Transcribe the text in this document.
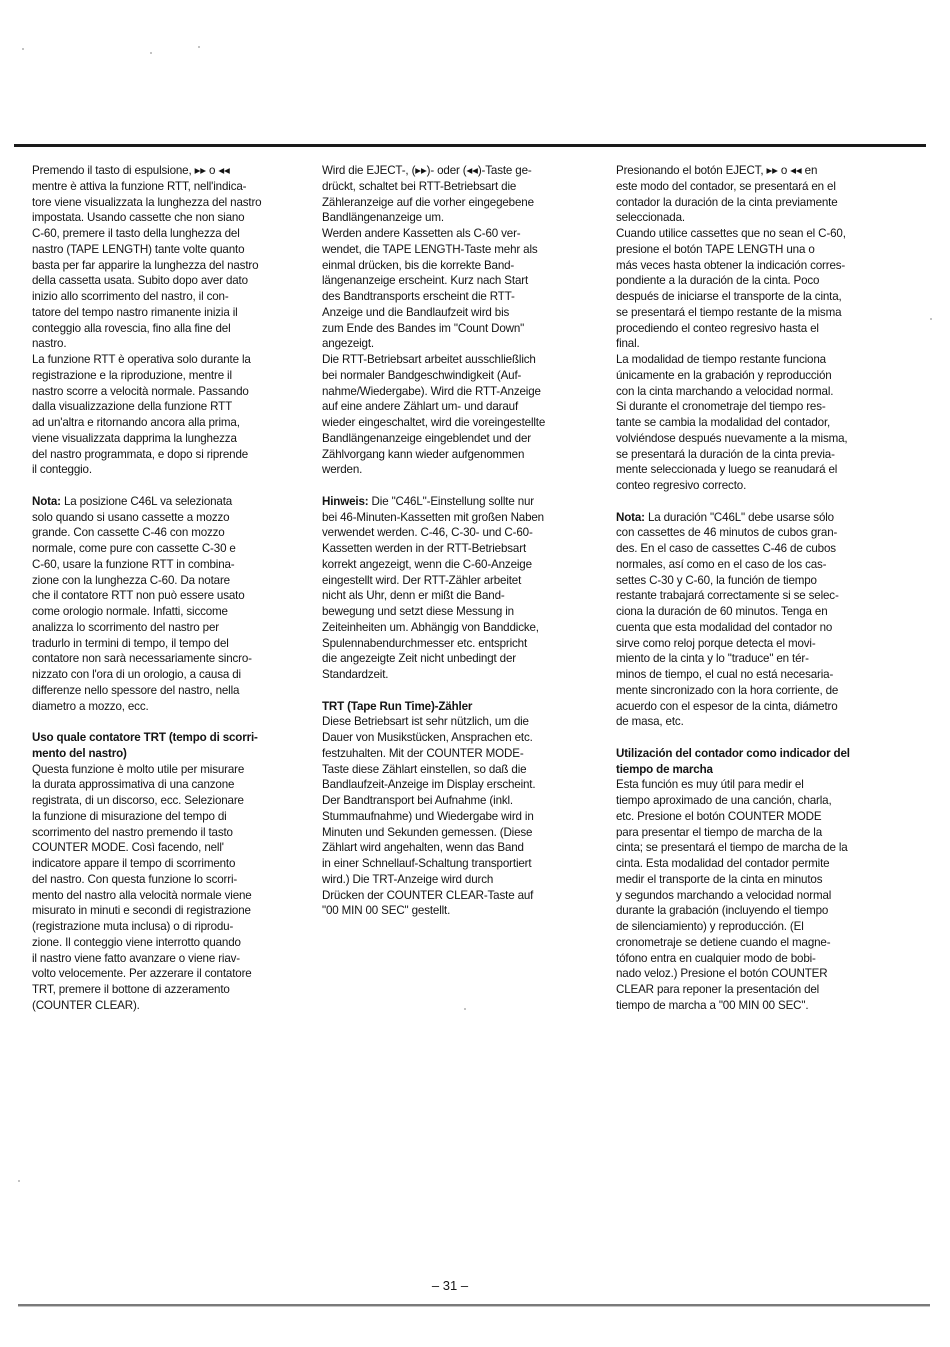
Premendo il tasto di espulsione, ▸▸ o ◂◂
mentre è attiva la funzione RTT, nell'indica-
tore viene visualizzata la lunghezza del nastro
impostata. Usando cassette che non siano
C-60, premere il tasto della lunghezza del
nastro (TAPE LENGTH) tante volte quanto
basta per far apparire la lunghezza del nastro
della cassetta usata. Subito dopo aver dato
inizio allo scorrimento del nastro, il con-
tatore del tempo nastro rimanente inizia il
conteggio alla rovescia, fino alla fine del
nastro.

La funzione RTT è operativa solo durante la
registrazione e la riproduzione, mentre il
nastro scorre a velocità normale. Passando
dalla visualizzazione della funzione RTT
ad un'altra e ritornando ancora alla prima,
viene visualizzata dapprima la lunghezza
del nastro programmata, e dopo si riprende
il conteggio.

Nota: La posizione C46L va selezionata
solo quando si usano cassette a mozzo
grande. Con cassette C-46 con mozzo
normale, come pure con cassette C-30 e
C-60, usare la funzione RTT in combina-
zione con la lunghezza C-60. Da notare
che il contatore RTT non può essere usato
come orologio normale. Infatti, siccome
analizza lo scorrimento del nastro per
tradurlo in termini di tempo, il tempo del
contatore non sarà necessariamente sincro-
nizzato con l'ora di un orologio, a causa di
differenze nello spessore del nastro, nella
diametro a mozzo, ecc.

Uso quale contatore TRT (tempo di scorri-
mento del nastro)

Questa funzione è molto utile per misurare
la durata approssimativa di una canzone
registrata, di un discorso, ecc. Selezionare
la funzione di misurazione del tempo di
scorrimento del nastro premendo il tasto
COUNTER MODE. Così facendo, nell'
indicatore appare il tempo di scorrimento
del nastro. Con questa funzione lo scorri-
mento del nastro alla velocità normale viene
misurato in minuti e secondi di registrazione
(registrazione muta inclusa) o di riprodu-
zione. Il conteggio viene interrotto quando
il nastro viene fatto avanzare o viene riav-
volto velocemente. Per azzerare il contatore
TRT, premere il bottone di azzeramento
(COUNTER CLEAR).

Wird die EJECT-, (▸▸)- oder (◂◂)-Taste ge-
drückt, schaltet bei RTT-Betriebsart die
Zähleranzeige auf die vorher eingegebene
Bandlängenanzeige um.

Werden andere Kassetten als C-60 ver-
wendet, die TAPE LENGTH-Taste mehr als
einmal drücken, bis die korrekte Band-
längenanzeige erscheint. Kurz nach Start
des Bandtransports erscheint die RTT-
Anzeige und die Bandlaufzeit wird bis
zum Ende des Bandes im "Count Down"
angezeigt.

Die RTT-Betriebsart arbeitet ausschließlich
bei normaler Bandgeschwindigkeit (Auf-
nahme/Wiedergabe). Wird die RTT-Anzeige
auf eine andere Zählart um- und darauf
wieder eingeschaltet, wird die voreingestellte
Bandlängenanzeige eingeblendet und der
Zählvorgang kann wieder aufgenommen
werden.

Hinweis: Die "C46L"-Einstellung sollte nur
bei 46-Minuten-Kassetten mit großen Naben
verwendet werden. C-46, C-30- und C-60-
Kassetten werden in der RTT-Betriebsart
korrekt angezeigt, wenn die C-60-Anzeige
eingestellt wird. Der RTT-Zähler arbeitet
nicht als Uhr, denn er mißt die Band-
bewegung und setzt diese Messung in
Zeiteinheiten um. Abhängig von Banddicke,
Spulennabendurchmesser etc. entspricht
die angezeigte Zeit nicht unbedingt der
Standardzeit.

TRT (Tape Run Time)-Zähler

Diese Betriebsart ist sehr nützlich, um die
Dauer von Musikstücken, Ansprachen etc.
festzuhalten. Mit der COUNTER MODE-
Taste diese Zählart einstellen, so daß die
Bandlaufzeit-Anzeige im Display erscheint.
Der Bandtransport bei Aufnahme (inkl.
Stummaufnahme) und Wiedergabe wird in
Minuten und Sekunden gemessen. (Diese
Zählart wird angehalten, wenn das Band
in einer Schnellauf-Schaltung transportiert
wird.) Die TRT-Anzeige wird durch
Drücken der COUNTER CLEAR-Taste auf
"00 MIN 00 SEC" gestellt.

Presionando el botón EJECT, ▸▸ o ◂◂ en
este modo del contador, se presentará en el
contador la duración de la cinta previamente
seleccionada.

Cuando utilice cassettes que no sean el C-60,
presione el botón TAPE LENGTH una o
más veces hasta obtener la indicación corres-
pondiente a la duración de la cinta. Poco
después de iniciarse el transporte de la cinta,
se presentará el tiempo restante de la misma
procediendo el conteo regresivo hasta el
final.

La modalidad de tiempo restante funciona
únicamente en la grabación y reproducción
con la cinta marchando a velocidad normal.
Si durante el cronometraje del tiempo res-
tante se cambia la modalidad del contador,
volviéndose después nuevamente a la misma,
se presentará la duración de la cinta previa-
mente seleccionada y luego se reanudará el
conteo regresivo correcto.

Nota: La duración "C46L" debe usarse sólo
con cassettes de 46 minutos de cubos gran-
des. En el caso de cassettes C-46 de cubos
normales, así como en el caso de los cas-
settes C-30 y C-60, la función de tiempo
restante trabajará correctamente si se selec-
ciona la duración de 60 minutos. Tenga en
cuenta que esta modalidad del contador no
sirve como reloj porque detecta el movi-
miento de la cinta y lo "traduce" en tér-
minos de tiempo, el cual no está necesaria-
mente sincronizado con la hora corriente, de
acuerdo con el espesor de la cinta, diámetro
de masa, etc.

Utilización del contador como indicador del
tiempo de marcha

Esta función es muy útil para medir el
tiempo aproximado de una canción, charla,
etc. Presione el botón COUNTER MODE
para presentar el tiempo de marcha de la
cinta; se presentará el tiempo de marcha de la
cinta. Esta modalidad del contador permite
medir el transporte de la cinta en minutos
y segundos marchando a velocidad normal
durante la grabación (incluyendo el tiempo
de silenciamiento) y reproducción. (El
cronometraje se detiene cuando el magne-
tófono entra en cualquier modo de bobi-
nado veloz.) Presione el botón COUNTER
CLEAR para reponer la presentación del
tiempo de marcha a "00 MIN 00 SEC".

– 31 –
